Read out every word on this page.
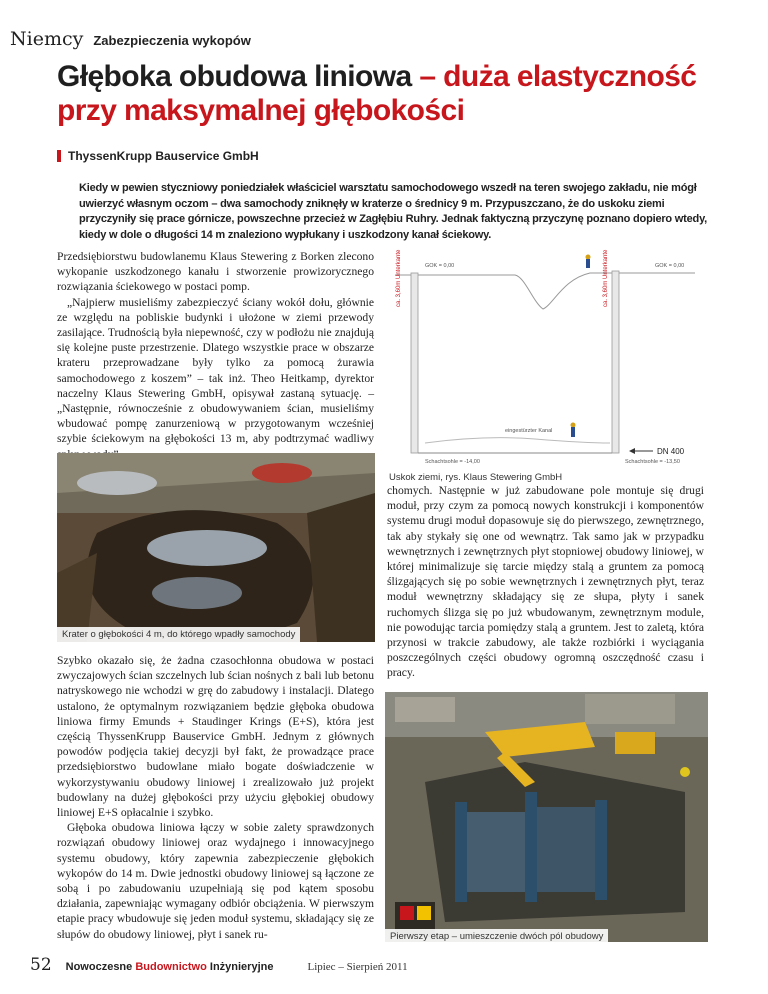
Niemcy Zabezpieczenia wykopów
Głęboka obudowa liniowa – duża elastyczność przy maksymalnej głębokości
ThyssenKrupp Bauservice GmbH

Kiedy w pewien styczniowy poniedziałek właściciel warsztatu samochodowego wszedł na teren swojego zakładu, nie mógł uwierzyć własnym oczom – dwa samochody zniknęły w kraterze o średnicy 9 m. Przypuszczano, że do uskoku ziemi przyczyniły się prace górnicze, powszechne przecież w Zagłębiu Ruhry. Jednak faktyczną przyczynę poznano dopiero wtedy, kiedy w dole o długości 14 m znaleziono wypłukany i uszkodzony kanał ściekowy.

Przedsiębiorstwu budowlanemu Klaus Stewering z Borken zlecono wykopanie uszkodzonego kanału i stworzenie prowizorycznego rozwiązania ściekowego w postaci pomp.

„Najpierw musieliśmy zabezpieczyć ściany wokół dołu, głównie ze względu na pobliskie budynki i ułożone w ziemi przewody zasilające. Trudnością była niepewność, czy w podłożu nie znajdują się kolejne puste przestrzenie. Dlatego wszystkie prace w obszarze krateru przeprowadzane były tylko za pomocą żurawia samochodowego z koszem” – tak inż. Theo Heitkamp, dyrektor naczelny Klaus Stewering GmbH, opisywał zastaną sytuację. – „Następnie, równocześnie z obudowywaniem ścian, musieliśmy wbudować pompę zanurzeniową w przygotowanym wcześniej szybie ściekowym na głębokości 13 m, aby podtrzymać wadliwy

ca. 3,60m Unterkante	ca. 3,60m Unterkante
GOK = 0,00	GOK = 0,00
eingestürzter Kanal
DN 400
Schachtsohle = -14,00	Schachtsohle = -13,50
Uskok ziemi, rys. Klaus Stewering GmbH
Krater o głębokości 4 m, do którego wpadły samochody

Szybko okazało się, że żadna czasochłonna obudowa w postaci zwyczajowych ścian szczelnych lub ścian nośnych z bali lub betonu natryskowego nie wchodzi w grę do zabudowy i instalacji. Dlatego ustalono, że optymalnym rozwiązaniem będzie głęboka obudowa liniowa firmy Emunds + Staudinger Krings (E+S), która jest częścią ThyssenKrupp Bauservice GmbH. Jednym z głównych powodów podjęcia takiej decyzji był fakt, że prowadzące prace przedsiębiorstwo budowlane miało bogate doświadczenie w wykorzystywaniu obudowy liniowej i zrealizowało już projekt budowlany na dużej głębokości przy użyciu głębokiej obudowy liniowej E+S opłacalnie i szybko.

Głęboka obudowa liniowa łączy w sobie zalety sprawdzonych rozwiązań obudowy liniowej oraz wydajnego i innowacyjnego systemu obudowy, który zapewnia zabezpieczenie głębokich wykopów do 14 m. Dwie jednostki obudowy liniowej są łączone ze sobą i po zabudowaniu uzupełniają się pod kątem sposobu działania, zapewniając wymagany odbiór obciążenia. W pierwszym etapie pracy wbudowuje się jeden moduł systemu, składający się ze słupów do obudowy liniowej, płyt i sanek ru-

chomych. Następnie w już zabudowane pole montuje się drugi moduł, przy czym za pomocą nowych konstrukcji i komponentów systemu drugi moduł dopasowuje się do pierwszego, zewnętrznego, tak aby stykały się one od wewnątrz. Tak samo jak w przypadku wewnętrznych i zewnętrznych płyt stopniowej obudowy liniowej, w której minimalizuje się tarcie między stalą a gruntem za pomocą ślizgających się po sobie wewnętrznych i zewnętrznych płyt, teraz moduł wewnętrzny składający się ze słupa, płyty i sanek ruchomych ślizga się po już wbudowanym, zewnętrznym module, nie powodując tarcia pomiędzy stalą a gruntem. Jest to zaletą, która przynosi w trakcie zabudowy, ale także rozbiórki i wyciągania poszczególnych części obudowy ogromną oszczędność czasu i pracy.

Pierwszy etap – umieszczenie dwóch pól obudowy
52 Nowoczesne Budownictwo Inżynieryjne	Lipiec – Sierpień 2011
